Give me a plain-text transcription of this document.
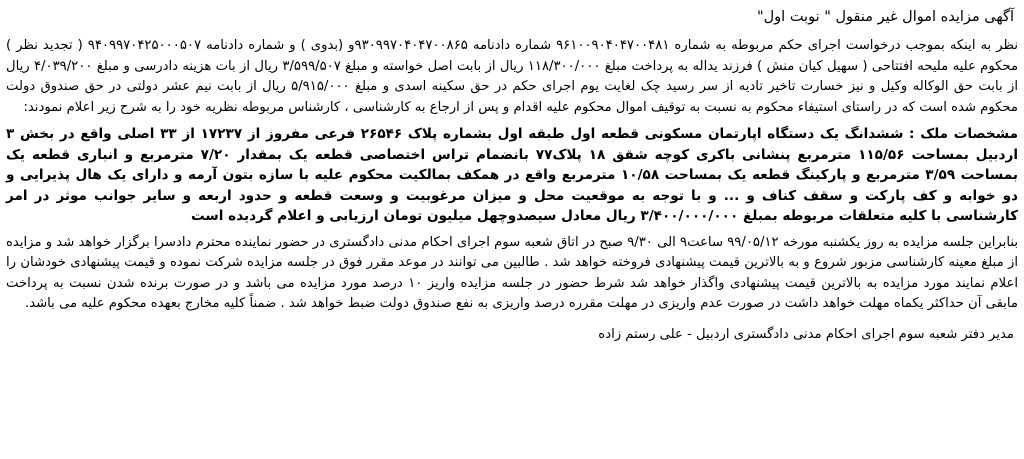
آگهی مزایده اموال غیر منقول " نوبت اول"
نظر به اینکه بموجب درخواست اجرای حکم مربوطه به شماره ۹۶۱۰۰۹۰۴۰۴۷۰۰۴۸۱ شماره دادنامه ۹۳۰۹۹۷۰۴۰۴۷۰۰۸۶۵و (بدوی ) و شماره دادنامه ۹۴۰۹۹۷۰۴۲۵۰۰۰۵۰۷ ( تجدید نظر ) محکوم علیه ملیحه افتتاحی ( سهیل کیان منش ) فرزند یداله به پرداخت مبلغ ۱۱۸/۳۰۰/۰۰۰ ریال از بابت اصل خواسته و مبلغ ۳/۵۹۹/۵۰۷ ریال از بات هزینه دادرسی و مبلغ ۴/۰۳۹/۲۰۰ ریال از بابت حق الوکاله وکیل و نیز خسارت تاخیر تادیه از سر رسید چک لغایت یوم اجرای حکم در حق سکینه اسدی و مبلغ ۵/۹۱۵/۰۰۰ ریال از بابت نیم عشر دولتی در حق صندوق دولت محکوم شده است که در راستای استیفاء محکوم به نسبت به توقیف اموال محکوم علیه اقدام و پس از ارجاع به کارشناسی ، کارشناس مربوطه نظریه خود را به شرح زیر اعلام نمودند:
مشخصات ملک : ششدانگ یک دستگاه اپارتمان مسکونی قطعه اول طبقه اول بشماره پلاک ۲۶۵۴۶ فرعی مفروز از ۱۷۲۳۷ از ۳۳ اصلی واقع در بخش ۳ اردبیل بمساحت ۱۱۵/۵۶ مترمربع پنشانی باکری کوچه شقق ۱۸ پلاک۷۷ بانضمام تراس اختصاصی قطعه یک بمقدار ۷/۲۰ مترمربع و انباری قطعه یک بمساحت ۳/۵۹ مترمربع و پارکینگ قطعه یک بمساحت ۱۰/۵۸ مترمربع واقع در همکف بمالکیت محکوم علیه با سازه بتون آرمه و دارای یک هال پذیرایی و دو خوابه و کف پارکت و سقف کناف و ... و با توجه به موقعیت محل و میزان مرغوبیت و وسعت قطعه و حدود اربعه و سایر جوانب موثر در امر کارشناسی با کلیه متعلقات مربوطه بمبلغ ۳/۴۰۰/۰۰۰/۰۰۰ ریال معادل سیصدوچهل میلیون تومان ارزیابی و اعلام گردیده است
بنابراین جلسه مزایده به روز یکشنبه مورخه ۹۹/۰۵/۱۲ ساعت۹ الی ۹/۳۰ صبح در اتاق شعبه سوم اجرای احکام مدنی دادگستری در حضور نماینده محترم دادسرا برگزار خواهد شد و مزایده از مبلغ معینه کارشناسی مزبور شروع و به بالاترین قیمت پیشنهادی فروخته خواهد شد . طالبین می توانند در موعد مقرر فوق در جلسه مزایده شرکت نموده و قیمت پیشنهادی خودشان را اعلام نمایند مورد مزایده به بالاترین قیمت پیشنهادی واگذار خواهد شد شرط حضور در جلسه مزایده واریز ۱۰ درصد مورد مزایده می باشد و در صورت برنده شدن نسبت به پرداخت مابقی آن حداکثر یکماه مهلت خواهد داشت در صورت عدم واریزی در مهلت مقرره درصد واریزی به نفع صندوق دولت ضبط خواهد شد . ضمناً کلیه مخارج بعهده محکوم علیه می باشد.
مدیر دفتر شعبه سوم اجرای احکام مدنی دادگستری اردبیل - علی رستم زاده
